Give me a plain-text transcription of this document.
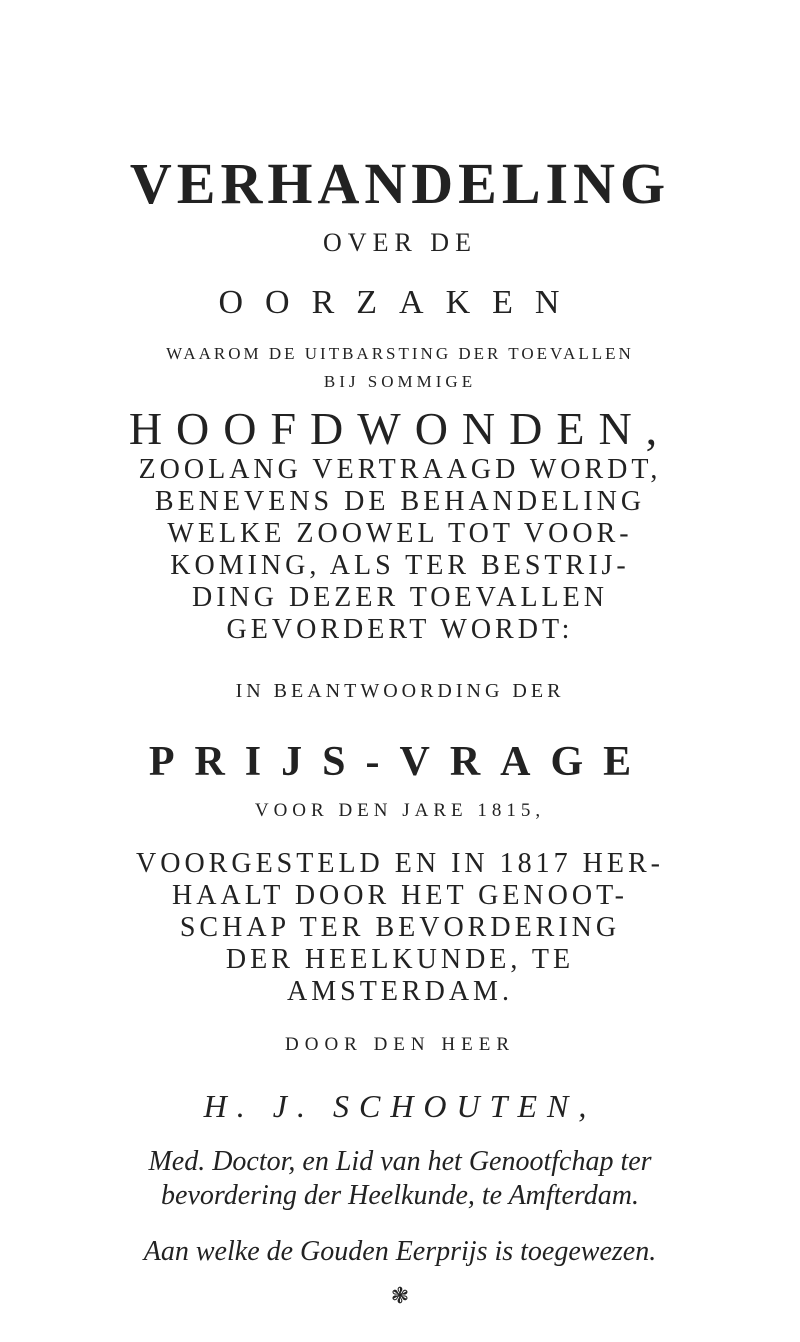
VERHANDELING
OVER DE
OORZAKEN
WAAROM DE UITBARSTING DER TOEVALLEN
BIJ SOMMIGE
HOOFDWONDEN,
ZOOLANG VERTRAAGD WORDT,
BENEVENS DE BEHANDELING
WELKE ZOOWEL TOT VOOR-
KOMING, ALS TER BESTRIJ-
DING DEZER TOEVALLEN
GEVORDERT WORDT:
IN BEANTWOORDING DER
PRIJS-VRAGE
VOOR DEN JARE 1815,
VOORGESTELD EN IN 1817 HER-
HAALT DOOR HET GENOOT-
SCHAP TER BEVORDERING
DER HEELKUNDE, TE
AMSTERDAM.
DOOR DEN HEER
H. J. SCHOUTEN,
Med. Doctor, en Lid van het Genootfchap ter
bevordering der Heelkunde, te Amfterdam.
Aan welke de Gouden Eerprijs is toegewezen.
❃
